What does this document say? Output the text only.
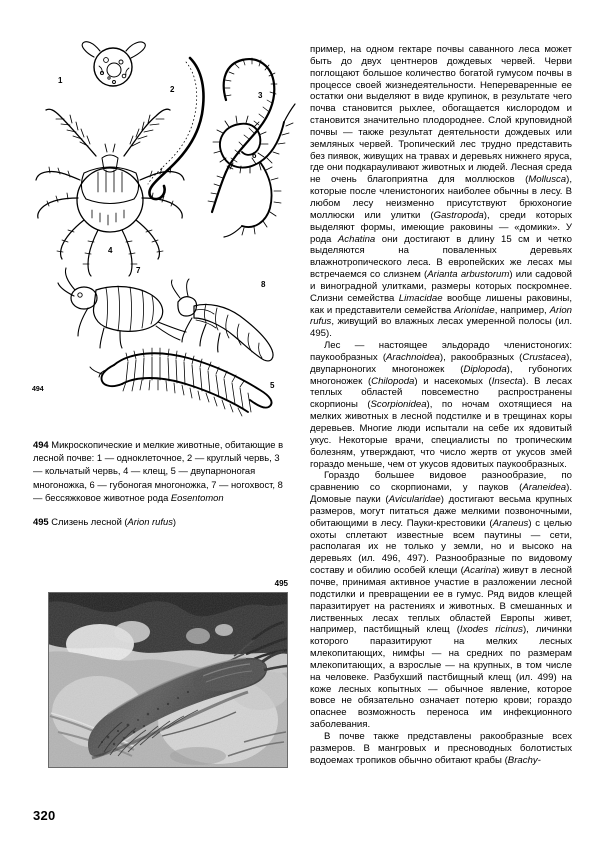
1
4
2
3
6
7
8
5
494
494 Микроскопические и мелкие животные, обитающие в лесной почве: 1 — одноклеточное, 2 — круглый червь, 3 — кольчатый червь, 4 — клещ, 5 — двупарноногая многоножка, 6 — губоногая многоножка, 7 — ногохвост, 8 — бессяжковое животное рода Eosentomon
495 Слизень лесной (Arion rufus)
495
320

пример, на одном гектаре почвы саванного леса может быть до двух центнеров дождевых червей. Черви поглощают большое количество богатой гумусом почвы в процессе своей жизнедеятельности. Непереваренные ее остатки они выделяют в виде крупинок, в результате чего почва становится рыхлее, обогащается кислородом и становится значительно плодороднее. Слой круповидной почвы — также результат деятельности дождевых или земляных червей. Тропический лес трудно представить без пиявок, живущих на травах и деревьях нижнего яруса, где они подкарауливают животных и людей. Лесная среда не очень благоприятна для моллюсков (Mollusca), которые после членистоногих наиболее обычны в лесу. В любом лесу неизменно присутствуют брюхоногие моллюски или улитки (Gastropoda), среди которых выделяют формы, имеющие раковины — «домики». У рода Achatina они достигают в длину 15 см и четко выделяются на поваленных деревьях влажнотропического леса. В европейских же лесах мы встречаемся со слизнем (Arianta arbustorum) или садовой и виноградной улитками, размеры которых поскромнее. Слизни семейства Limacidae вообще лишены раковины, как и представители семейства Arionidae, например, Arion rufus, живущий во влажных лесах умеренной полосы (ил. 495).

Лес — настоящее эльдорадо членистоногих: паукообразных (Arachnoidea), ракообразных (Crustacea), двупарноногих многоножек (Diplopoda), губоногих многоножек (Chilopoda) и насекомых (Insecta). В лесах теплых областей повсеместно распространены скорпионы (Scorpionidea), по ночам охотящиеся на мелких животных в лесной подстилке и в трещинах коры деревьев. Многие люди испытали на себе их ядовитый укус. Некоторые врачи, специалисты по тропическим болезням, утверждают, что число жертв от укусов змей гораздо меньше, чем от укусов ядовитых паукообразных.

Гораздо большее видовое разнообразие, по сравнению со скорпионами, у пауков (Araneidea). Домовые пауки (Avicularidae) достигают весьма крупных размеров, могут питаться даже мелкими позвоночными, обитающими в лесу. Пауки-крестовики (Araneus) с целью охоты сплетают известные всем паутины — сети, располагая их не только у земли, но и высоко на деревьях (ил. 496, 497). Разнообразные по видовому составу и обилию особей клещи (Acarina) живут в лесной почве, принимая активное участие в разложении лесной подстилки и превращении ее в гумус. Ряд видов клещей паразитирует на растениях и животных. В смешанных и лиственных лесах теплых областей Европы живет, например, пастбищный клещ (Ixodes ricinus), личинки которого паразитируют на мелких лесных млекопитающих, нимфы — на средних по размерам млекопитающих, а взрослые — на крупных, в том числе на человеке. Разбухший пастбищный клещ (ил. 499) на коже лесных копытных — обычное явление, которое вовсе не обязательно означает потерю крови; гораздо опаснее возможность переноса им инфекционного заболевания.

В почве также представлены ракообразные всех размеров. В мангровых и пресноводных болотистых водоемах тропиков обычно обитают крабы (Brachy-
